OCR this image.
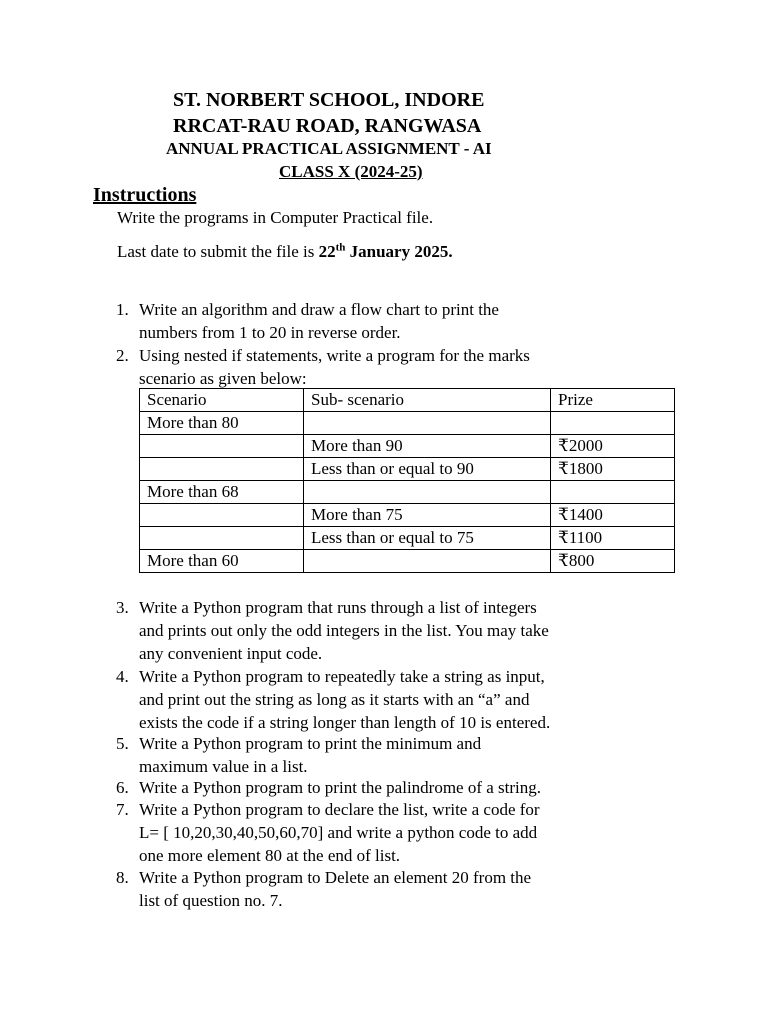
ST. NORBERT SCHOOL, INDORE
RRCAT-RAU ROAD, RANGWASA
ANNUAL PRACTICAL ASSIGNMENT - AI
CLASS X (2024-25)
Instructions
Write the programs in Computer Practical file.
Last date to submit the file is 22th January 2025.
1. Write an algorithm and draw a flow chart to print the
numbers from 1 to 20 in reverse order.
2. Using nested if statements, write a program for the marks
scenario as given below:
Scenario	Sub- scenario	Prize
More than 80		
	More than 90	₹2000
	Less than or equal to 90	₹1800
More than 68		
	More than 75	₹1400
	Less than or equal to 75	₹1100
More than 60		₹800
3. Write a Python program that runs through a list of integers
and prints out only the odd integers in the list. You may take
any convenient input code.
4. Write a Python program to repeatedly take a string as input,
and print out the string as long as it starts with an “a” and
exists the code if a string longer than length of 10 is entered.
5. Write a Python program to print the minimum and
maximum value in a list.
6. Write a Python program to print the palindrome of a string.
7. Write a Python program to declare the list, write a code for
L= [ 10,20,30,40,50,60,70] and write a python code to add
one more element 80 at the end of list.
8. Write a Python program to Delete an element 20 from the
list of question no. 7.
